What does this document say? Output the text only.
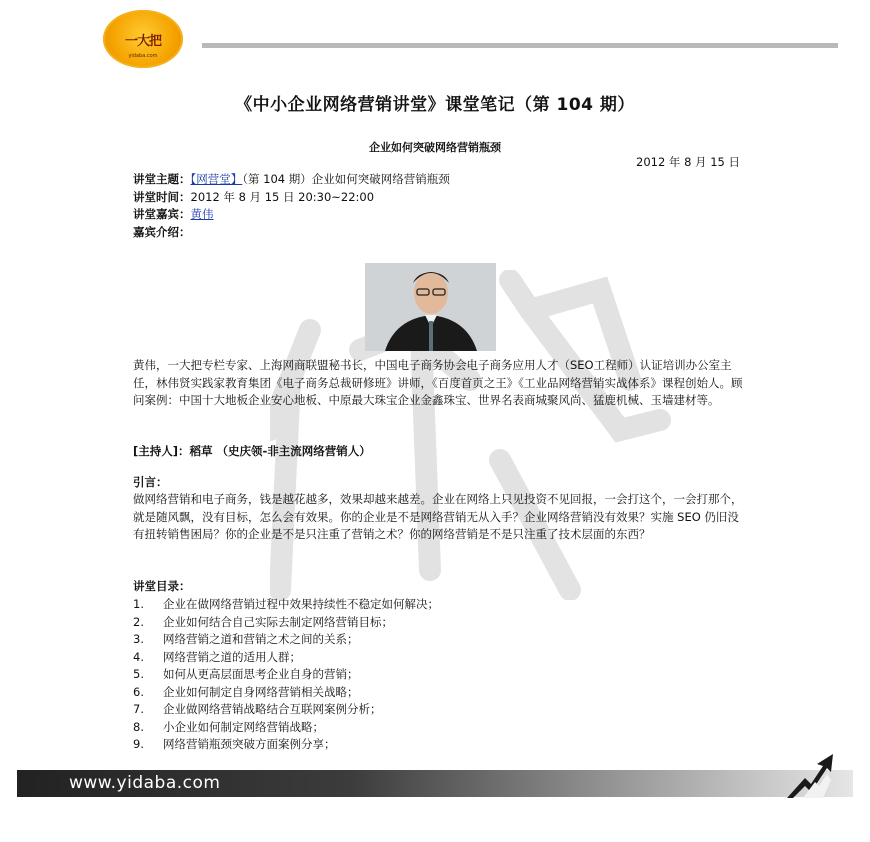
一大把
yidaba.com
《中小企业网络营销讲堂》课堂笔记（第 104 期）
企业如何突破网络营销瓶颈
2012 年 8 月 15 日
讲堂主题：【网营堂】（第 104 期）企业如何突破网络营销瓶颈
讲堂时间：2012 年 8 月 15 日 20:30~22:00
讲堂嘉宾：黄伟
嘉宾介绍：
黄伟，一大把专栏专家、上海网商联盟秘书长，中国电子商务协会电子商务应用人才（SEO工程师）认证培训办公室主任，林伟贤实践家教育集团《电子商务总裁研修班》讲师，《百度首页之王》《工业品网络营销实战体系》课程创始人。顾问案例：中国十大地板企业安心地板、中原最大珠宝企业金鑫珠宝、世界名表商城聚风尚、猛鹿机械、玉墙建材等。
[主持人]：稻草 （史庆领-非主流网络营销人）
引言：
做网络营销和电子商务，钱是越花越多，效果却越来越差。企业在网络上只见投资不见回报，一会打这个，一会打那个，就是随风飘，没有目标，怎么会有效果。你的企业是不是网络营销无从入手？企业网络营销没有效果？实施 SEO 仍旧没有扭转销售困局？你的企业是不是只注重了营销之术？你的网络营销是不是只注重了技术层面的东西？
讲堂目录：
1.	企业在做网络营销过程中效果持续性不稳定如何解决；
2.	企业如何结合自己实际去制定网络营销目标；
3.	网络营销之道和营销之术之间的关系；
4.	网络营销之道的适用人群；
5.	如何从更高层面思考企业自身的营销；
6.	企业如何制定自身网络营销相关战略；
7.	企业做网络营销战略结合互联网案例分析；
8.	小企业如何制定网络营销战略；
9.	网络营销瓶颈突破方面案例分享；
www.yidaba.com
